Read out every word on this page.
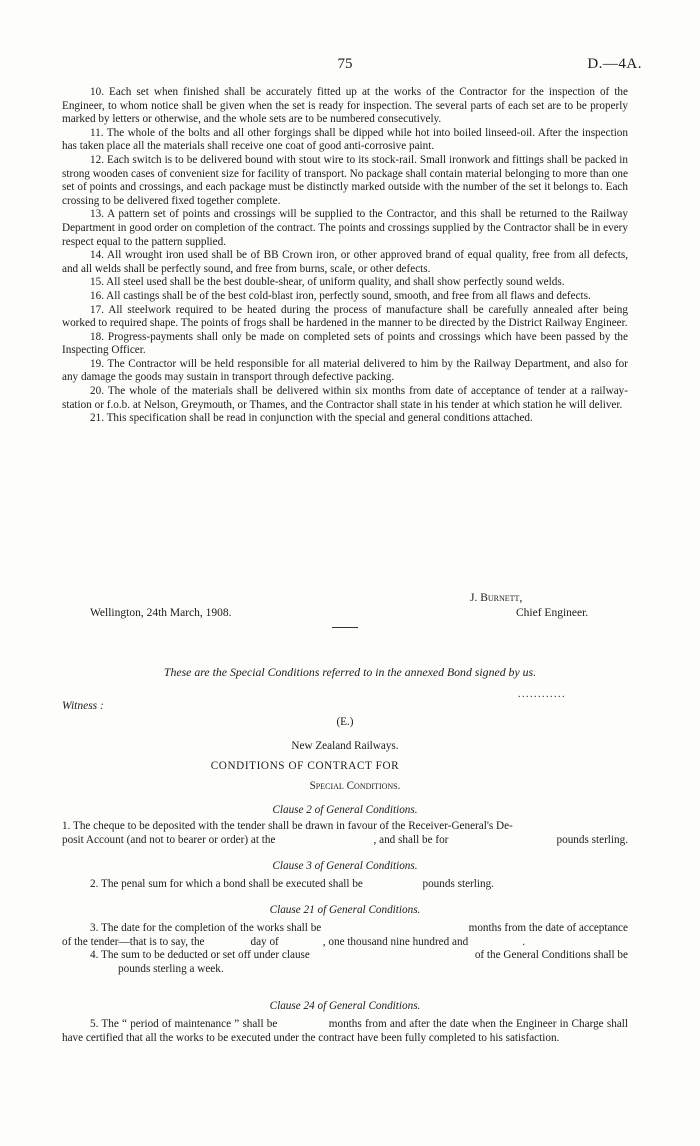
75	D.—4A.

10. Each set when finished shall be accurately fitted up at the works of the Contractor for the inspection of the Engineer, to whom notice shall be given when the set is ready for inspection. The several parts of each set are to be properly marked by letters or otherwise, and the whole sets are to be numbered consecutively.

11. The whole of the bolts and all other forgings shall be dipped while hot into boiled linseed-oil. After the inspection has taken place all the materials shall receive one coat of good anti-corrosive paint.

12. Each switch is to be delivered bound with stout wire to its stock-rail. Small ironwork and fittings shall be packed in strong wooden cases of convenient size for facility of transport. No package shall contain material belonging to more than one set of points and crossings, and each package must be distinctly marked outside with the number of the set it belongs to. Each crossing to be delivered fixed together complete.

13. A pattern set of points and crossings will be supplied to the Contractor, and this shall be returned to the Railway Department in good order on completion of the contract. The points and crossings supplied by the Contractor shall be in every respect equal to the pattern supplied.

14. All wrought iron used shall be of BB Crown iron, or other approved brand of equal quality, free from all defects, and all welds shall be perfectly sound, and free from burns, scale, or other defects.

15. All steel used shall be the best double-shear, of uniform quality, and shall show perfectly sound welds.

16. All castings shall be of the best cold-blast iron, perfectly sound, smooth, and free from all flaws and defects.

17. All steelwork required to be heated during the process of manufacture shall be carefully annealed after being worked to required shape. The points of frogs shall be hardened in the manner to be directed by the District Railway Engineer.

18. Progress-payments shall only be made on completed sets of points and crossings which have been passed by the Inspecting Officer.

19. The Contractor will be held responsible for all material delivered to him by the Railway Department, and also for any damage the goods may sustain in transport through defective packing.

20. The whole of the materials shall be delivered within six months from date of acceptance of tender at a railway-station or f.o.b. at Nelson, Greymouth, or Thames, and the Contractor shall state in his tender at which station he will deliver.

21. This specification shall be read in conjunction with the special and general conditions attached.

J. Burnett,
Wellington, 24th March, 1908.	Chief Engineer.
These are the Special Conditions referred to in the annexed Bond signed by us.
............
Witness :
(E.)
New Zealand Railways.
CONDITIONS OF CONTRACT FOR
Special Conditions.
Clause 2 of General Conditions.
1. The cheque to be deposited with the tender shall be drawn in favour of the Receiver-General's De-
posit Account (and not to bearer or order) at the	, and shall be for	pounds sterling.
Clause 3 of General Conditions.
2. The penal sum for which a bond shall be executed shall be	pounds sterling.
Clause 21 of General Conditions.
3. The date for the completion of the works shall be	months from the date of acceptance
of the tender—that is to say, the	day of	, one thousand nine hundred and	.
4. The sum to be deducted or set off under clause	of the General Conditions shall be
pounds sterling a week.
Clause 24 of General Conditions.

5. The “ period of maintenance ” shall be                months from and after the date when the Engineer in Charge shall have certified that all the works to be executed under the contract have been fully completed to his satisfaction.
